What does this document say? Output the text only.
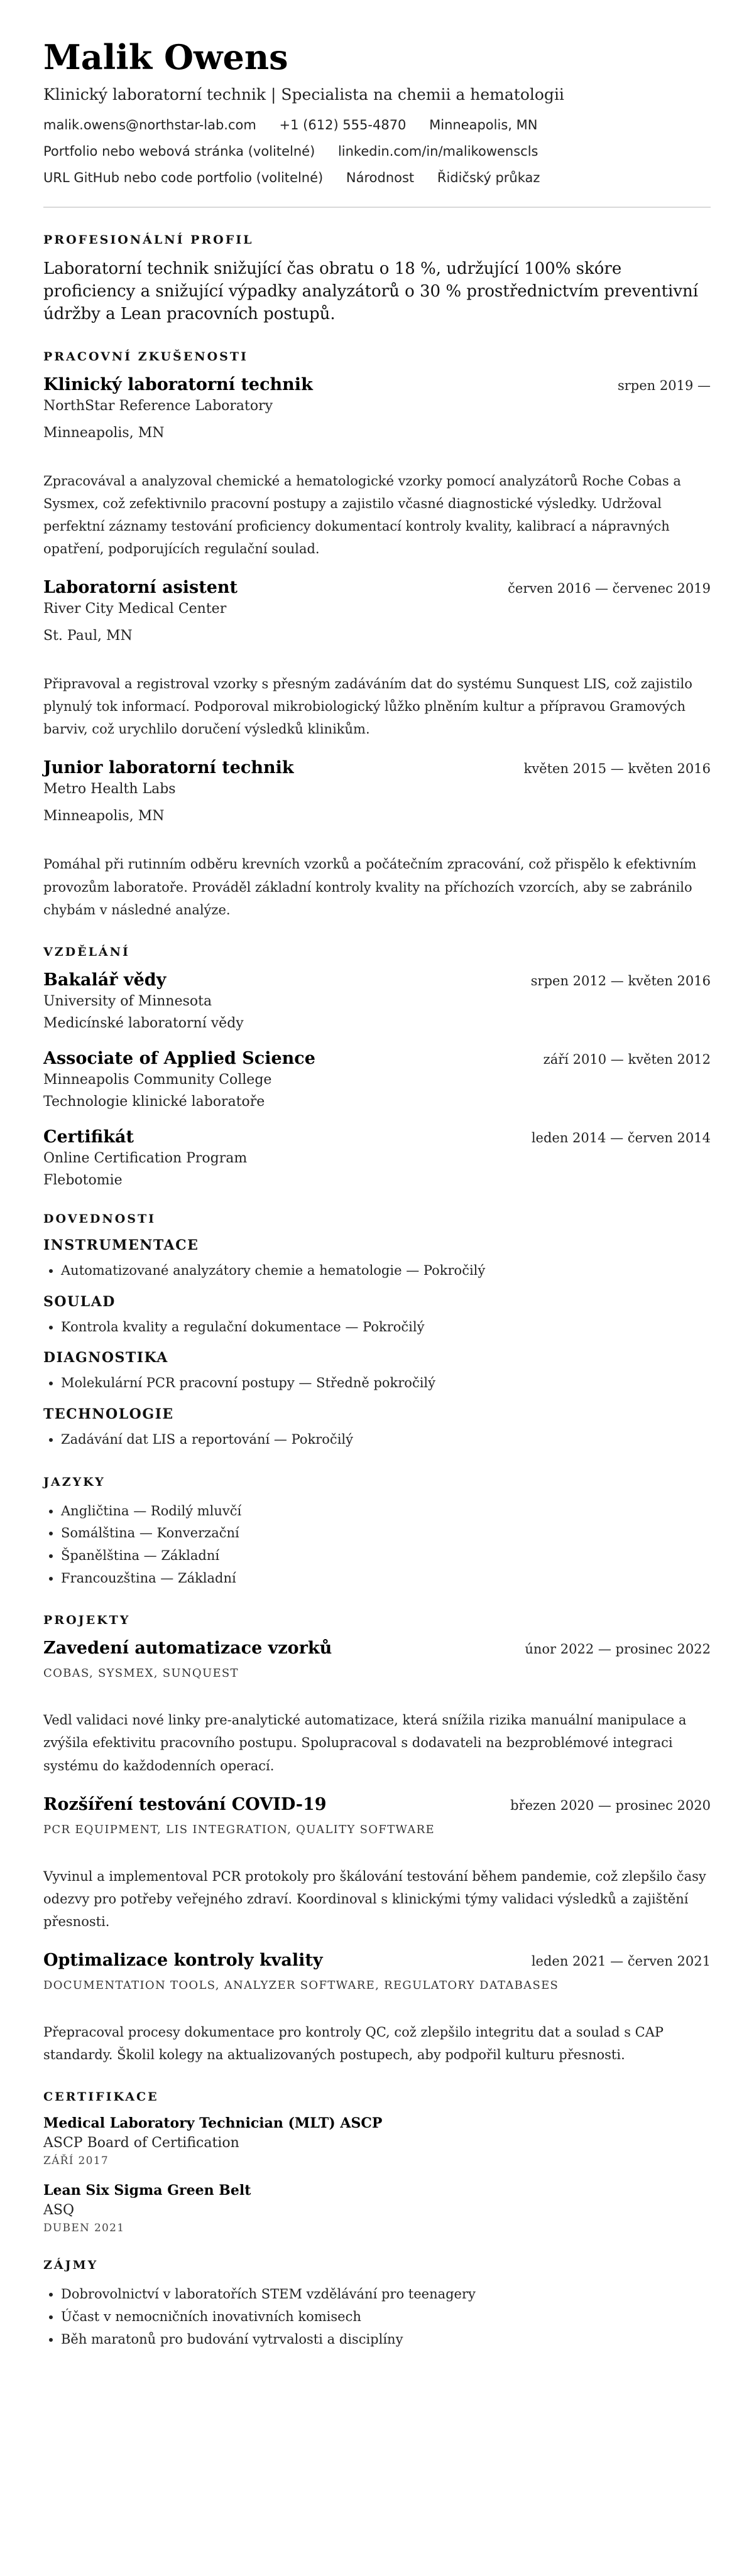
Malik Owens
Klinický laboratorní technik | Specialista na chemii a hematologii
malik.owens@northstar-lab.com +1 (612) 555-4870 Minneapolis, MN
Portfolio nebo webová stránka (volitelné) linkedin.com/in/malikowenscls
URL GitHub nebo code portfolio (volitelné) Národnost Řidičský průkaz
PROFESIONÁLNÍ PROFIL
Laboratorní technik snižující čas obratu o 18 %, udržující 100% skóre proficiency a snižující výpadky analyzátorů o 30 % prostřednictvím preventivní údržby a Lean pracovních postupů.
PRACOVNÍ ZKUŠENOSTI
Klinický laboratorní technik	srpen 2019 —
NorthStar Reference Laboratory
Minneapolis, MN
Zpracovával a analyzoval chemické a hematologické vzorky pomocí analyzátorů Roche Cobas a Sysmex, což zefektivnilo pracovní postupy a zajistilo včasné diagnostické výsledky. Udržoval perfektní záznamy testování proficiency dokumentací kontroly kvality, kalibrací a nápravných opatření, podporujících regulační soulad.
Laboratorní asistent	červen 2016 — červenec 2019
River City Medical Center
St. Paul, MN
Připravoval a registroval vzorky s přesným zadáváním dat do systému Sunquest LIS, což zajistilo plynulý tok informací. Podporoval mikrobiologický lůžko plněním kultur a přípravou Gramových barviv, což urychlilo doručení výsledků klinikům.
Junior laboratorní technik	květen 2015 — květen 2016
Metro Health Labs
Minneapolis, MN
Pomáhal při rutinním odběru krevních vzorků a počátečním zpracování, což přispělo k efektivním provozům laboratoře. Prováděl základní kontroly kvality na příchozích vzorcích, aby se zabránilo chybám v následné analýze.
VZDĚLÁNÍ
Bakalář vědy	srpen 2012 — květen 2016
University of Minnesota
Medicínské laboratorní vědy
Associate of Applied Science	září 2010 — květen 2012
Minneapolis Community College
Technologie klinické laboratoře
Certifikát	leden 2014 — červen 2014
Online Certification Program
Flebotomie
DOVEDNOSTI
INSTRUMENTACE
• Automatizované analyzátory chemie a hematologie — Pokročilý
SOULAD
• Kontrola kvality a regulační dokumentace — Pokročilý
DIAGNOSTIKA
• Molekulární PCR pracovní postupy — Středně pokročilý
TECHNOLOGIE
• Zadávání dat LIS a reportování — Pokročilý
JAZYKY
• Angličtina — Rodilý mluvčí
• Somálština — Konverzační
• Španělština — Základní
• Francouzština — Základní
PROJEKTY
Zavedení automatizace vzorků	únor 2022 — prosinec 2022
COBAS, SYSMEX, SUNQUEST
Vedl validaci nové linky pre-analytické automatizace, která snížila rizika manuální manipulace a zvýšila efektivitu pracovního postupu. Spolupracoval s dodavateli na bezproblémové integraci systému do každodenních operací.
Rozšíření testování COVID-19	březen 2020 — prosinec 2020
PCR EQUIPMENT, LIS INTEGRATION, QUALITY SOFTWARE
Vyvinul a implementoval PCR protokoly pro škálování testování během pandemie, což zlepšilo časy odezvy pro potřeby veřejného zdraví. Koordinoval s klinickými týmy validaci výsledků a zajištění přesnosti.
Optimalizace kontroly kvality	leden 2021 — červen 2021
DOCUMENTATION TOOLS, ANALYZER SOFTWARE, REGULATORY DATABASES
Přepracoval procesy dokumentace pro kontroly QC, což zlepšilo integritu dat a soulad s CAP standardy. Školil kolegy na aktualizovaných postupech, aby podpořil kulturu přesnosti.
CERTIFIKACE
Medical Laboratory Technician (MLT) ASCP
ASCP Board of Certification
ZÁŘÍ 2017
Lean Six Sigma Green Belt
ASQ
DUBEN 2021
ZÁJMY
• Dobrovolnictví v laboratořích STEM vzdělávání pro teenagery
• Účast v nemocničních inovativních komisech
• Běh maratonů pro budování vytrvalosti a disciplíny
